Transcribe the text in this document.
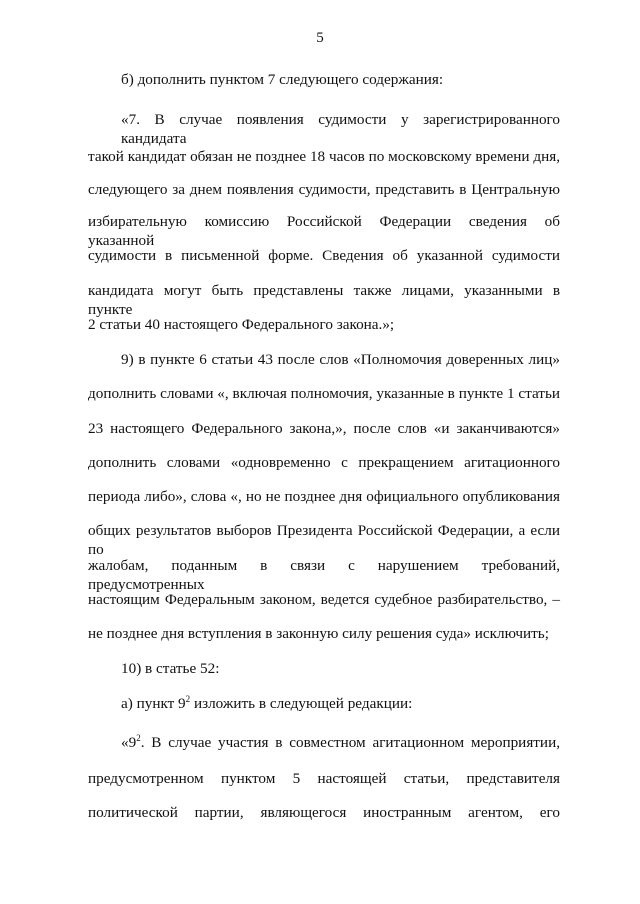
5
б) дополнить пунктом 7 следующего содержания:
«7. В случае появления судимости у зарегистрированного кандидата
такой кандидат обязан не позднее 18 часов по московскому времени дня,
следующего за днем появления судимости, представить в Центральную
избирательную комиссию Российской Федерации сведения об указанной
судимости в письменной форме. Сведения об указанной судимости
кандидата могут быть представлены также лицами, указанными в пункте
2 статьи 40 настоящего Федерального закона.»;
9) в пункте 6 статьи 43 после слов «Полномочия доверенных лиц»
дополнить словами «, включая полномочия, указанные в пункте 1 статьи
23 настоящего Федерального закона,», после слов «и заканчиваются»
дополнить словами «одновременно с прекращением агитационного
периода либо», слова «, но не позднее дня официального опубликования
общих результатов выборов Президента Российской Федерации, а если по
жалобам, поданным в связи с нарушением требований, предусмотренных
настоящим Федеральным законом, ведется судебное разбирательство, –
не позднее дня вступления в законную силу решения суда» исключить;
10) в статье 52:
а) пункт $9^2$ изложить в следующей редакции:
«$9^2$. В случае участия в совместном агитационном мероприятии,
предусмотренном пунктом 5 настоящей статьи, представителя
политической партии, являющегося иностранным агентом, его
